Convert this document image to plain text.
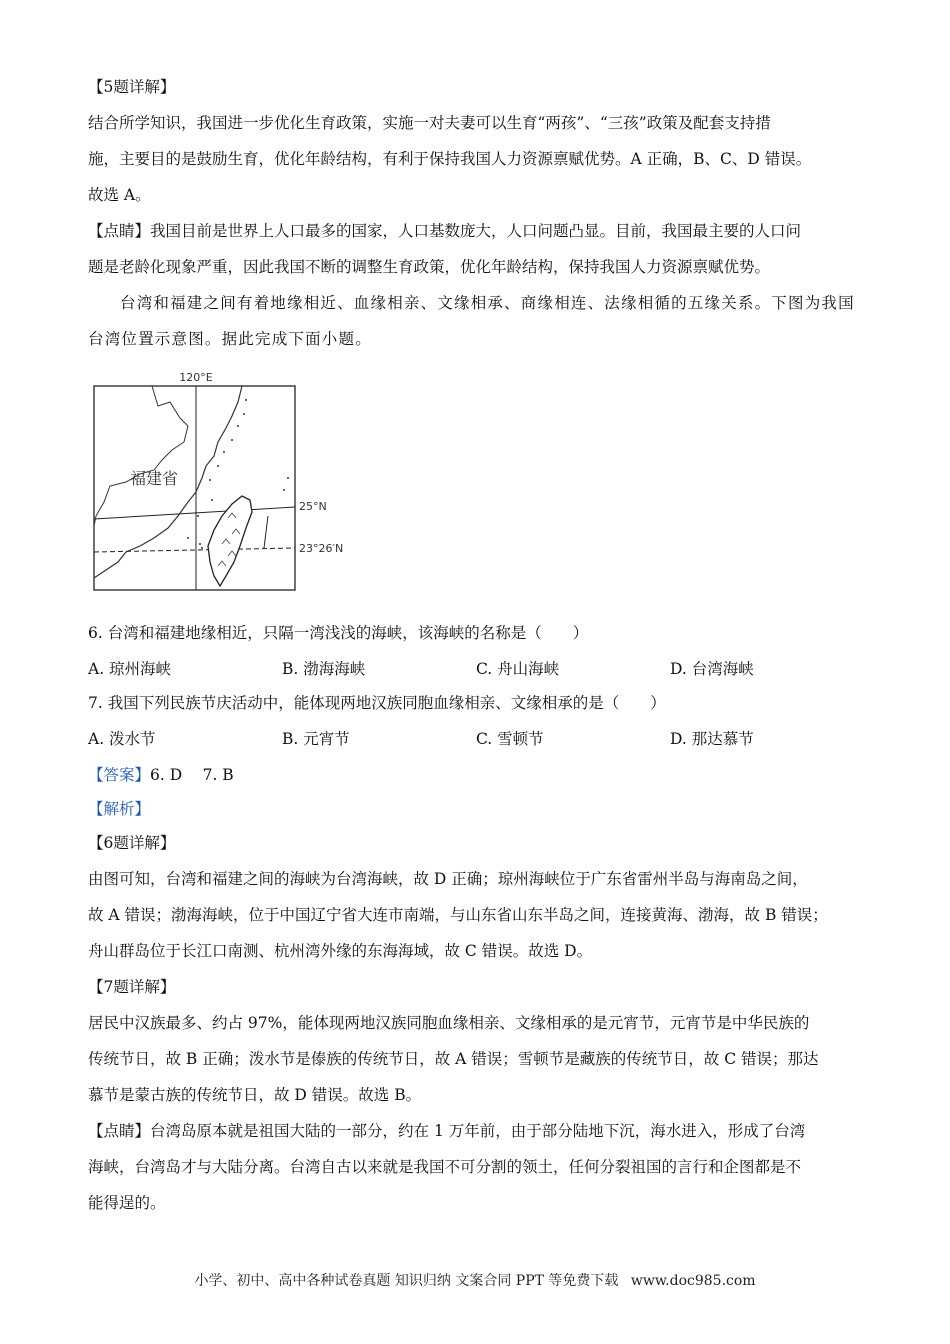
【5题详解】
结合所学知识，我国进一步优化生育政策，实施一对夫妻可以生育“两孩”、“三孩”政策及配套支持措
施，主要目的是鼓励生育，优化年龄结构，有利于保持我国人力资源禀赋优势。A 正确，B、C、D 错误。
故选 A。
【点睛】我国目前是世界上人口最多的国家，人口基数庞大，人口问题凸显。目前，我国最主要的人口问
题是老龄化现象严重，因此我国不断的调整生育政策，优化年龄结构，保持我国人力资源禀赋优势。
台湾和福建之间有着地缘相近、血缘相亲、文缘相承、商缘相连、法缘相循的五缘关系。下图为我国
台湾位置示意图。据此完成下面小题。
120°E
25°N
23°26′N
福建省
6. 台湾和福建地缘相近，只隔一湾浅浅的海峡，该海峡的名称是（　　）
A. 琼州海峡	B. 渤海海峡	C. 舟山海峡	D. 台湾海峡
7. 我国下列民族节庆活动中，能体现两地汉族同胞血缘相亲、文缘相承的是（　　）
A. 泼水节	B. 元宵节	C. 雪顿节	D. 那达慕节
【答案】6. D　 7. B
【解析】
【6题详解】
由图可知，台湾和福建之间的海峡为台湾海峡，故 D 正确；琼州海峡位于广东省雷州半岛与海南岛之间，
故 A 错误；渤海海峡，位于中国辽宁省大连市南端，与山东省山东半岛之间，连接黄海、渤海，故 B 错误；
舟山群岛位于长江口南测、杭州湾外缘的东海海域，故 C 错误。故选 D。
【7题详解】
居民中汉族最多、约占 97%，能体现两地汉族同胞血缘相亲、文缘相承的是元宵节，元宵节是中华民族的
传统节日，故 B 正确；泼水节是傣族的传统节日，故 A 错误；雪顿节是藏族的传统节日，故 C 错误；那达
慕节是蒙古族的传统节日，故 D 错误。故选 B。
【点睛】台湾岛原本就是祖国大陆的一部分，约在 1 万年前，由于部分陆地下沉，海水进入，形成了台湾
海峡，台湾岛才与大陆分离。台湾自古以来就是我国不可分割的领土，任何分裂祖国的言行和企图都是不
能得逞的。
小学、初中、高中各种试卷真题 知识归纳 文案合同 PPT 等免费下载 www.doc985.com
